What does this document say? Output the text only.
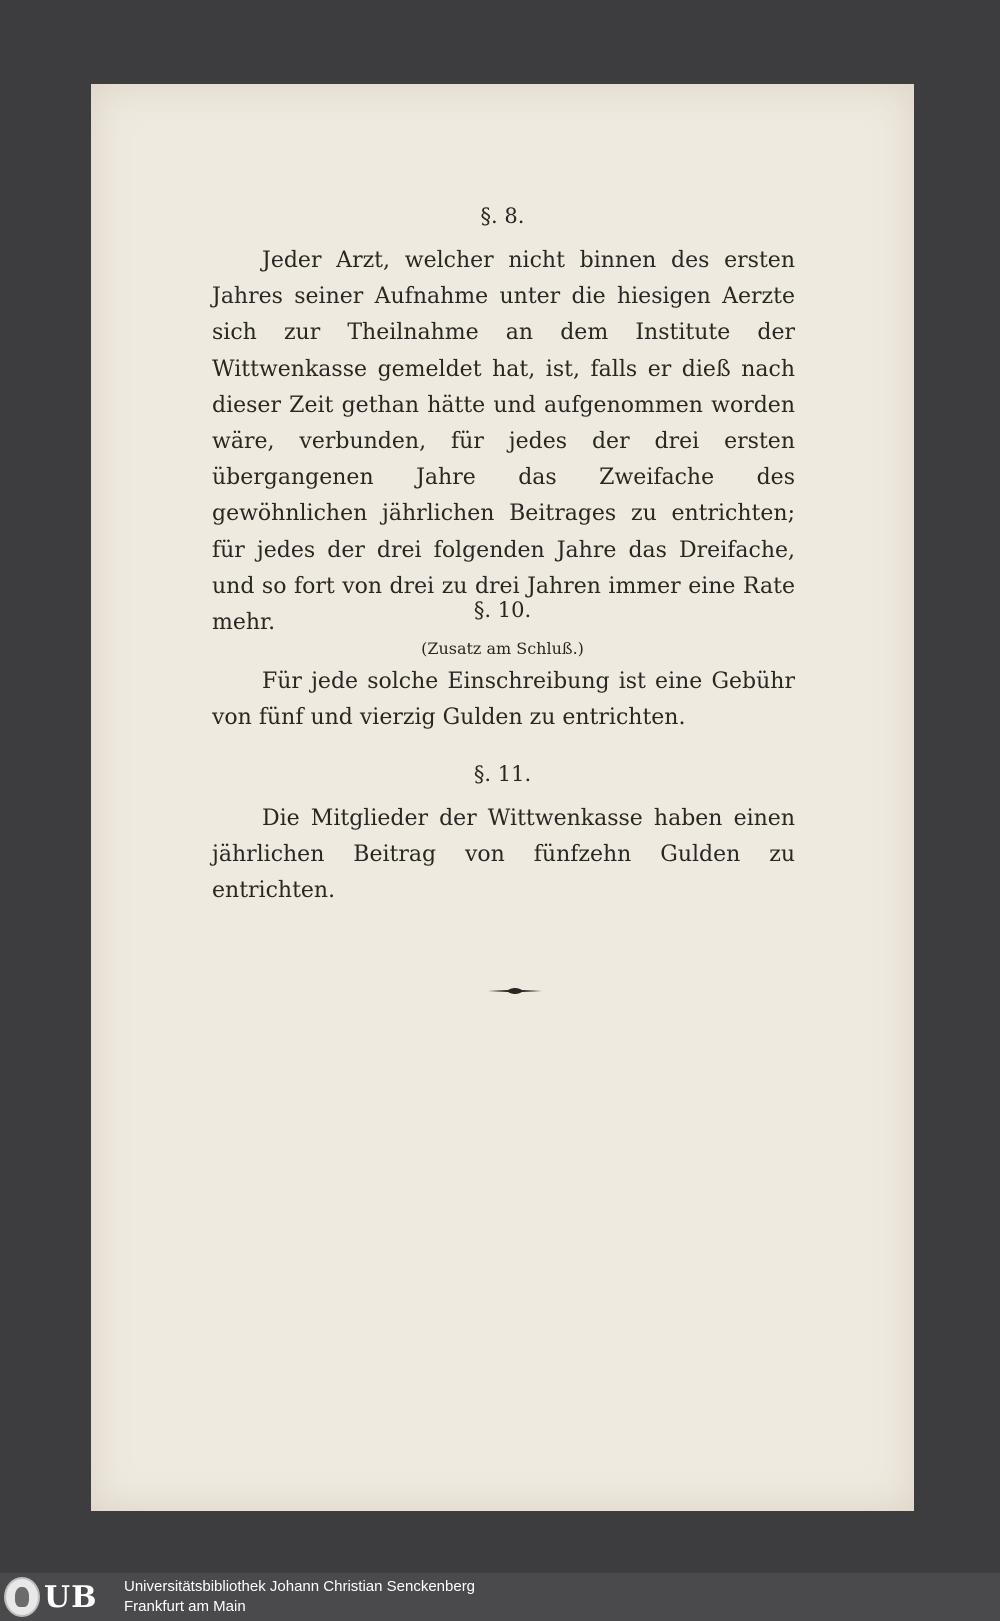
§. 8.

Jeder Arzt, welcher nicht binnen des ersten Jahres seiner Aufnahme unter die hiesigen Aerzte sich zur Theilnahme an dem Institute der Wittwenkasse gemeldet hat, ist, falls er dieß nach dieser Zeit gethan hätte und aufgenommen worden wäre, verbunden, für jedes der drei ersten übergangenen Jahre das Zweifache des gewöhnlichen jährlichen Beitrages zu entrichten; für jedes der drei folgenden Jahre das Dreifache, und so fort von drei zu drei Jahren immer eine Rate mehr.

§. 10.
(Zusatz am Schluß.)

Für jede solche Einschreibung ist eine Gebühr von fünf und vierzig Gulden zu entrichten.

§. 11.

Die Mitglieder der Wittwenkasse haben einen jährlichen Beitrag von fünfzehn Gulden zu entrichten.

UB Universitätsbibliothek Johann Christian Senckenberg
Frankfurt am Main
